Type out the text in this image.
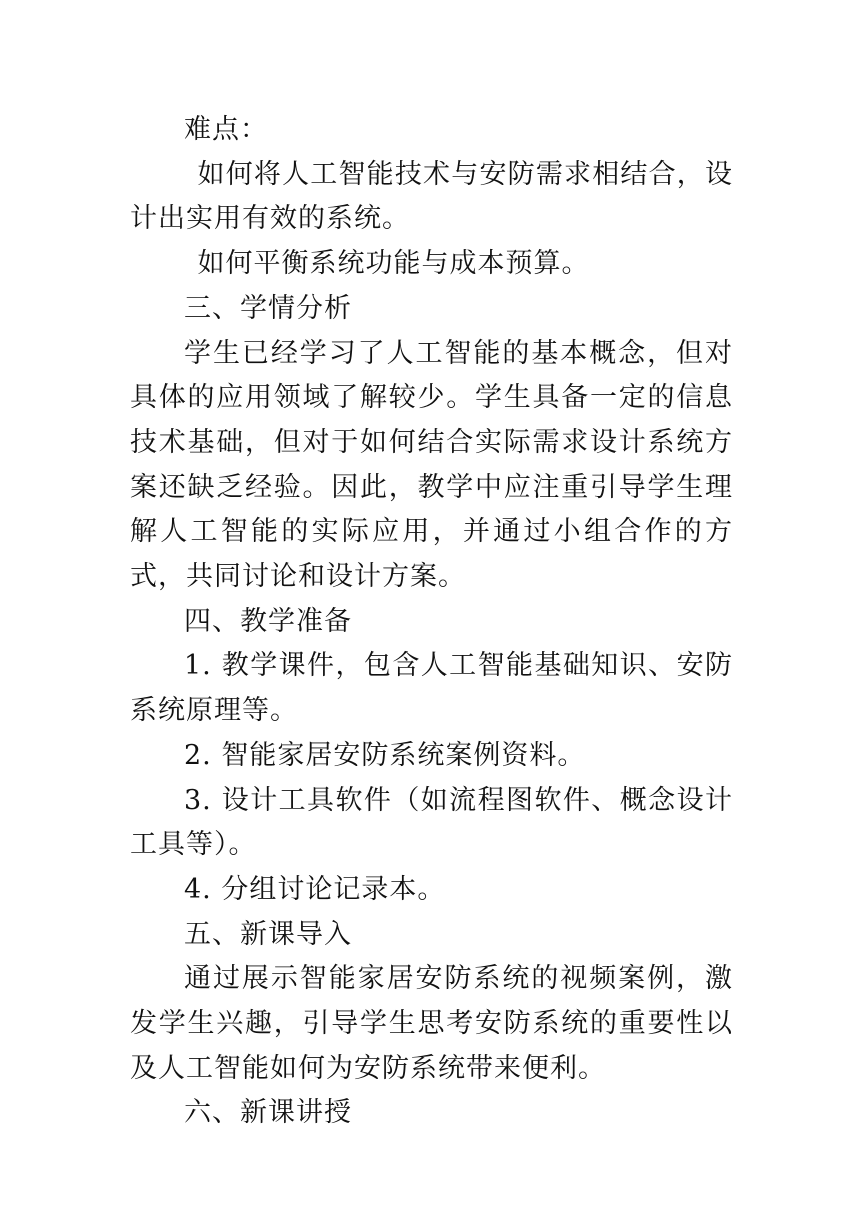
难点：

如何将人工智能技术与安防需求相结合，设计出实用有效的系统。

如何平衡系统功能与成本预算。

三、学情分析

学生已经学习了人工智能的基本概念，但对具体的应用领域了解较少。学生具备一定的信息技术基础，但对于如何结合实际需求设计系统方案还缺乏经验。因此，教学中应注重引导学生理解人工智能的实际应用，并通过小组合作的方式，共同讨论和设计方案。

四、教学准备

1. 教学课件，包含人工智能基础知识、安防系统原理等。

2. 智能家居安防系统案例资料。

3. 设计工具软件（如流程图软件、概念设计工具等）。

4. 分组讨论记录本。

五、新课导入

通过展示智能家居安防系统的视频案例，激发学生兴趣，引导学生思考安防系统的重要性以及人工智能如何为安防系统带来便利。

六、新课讲授
